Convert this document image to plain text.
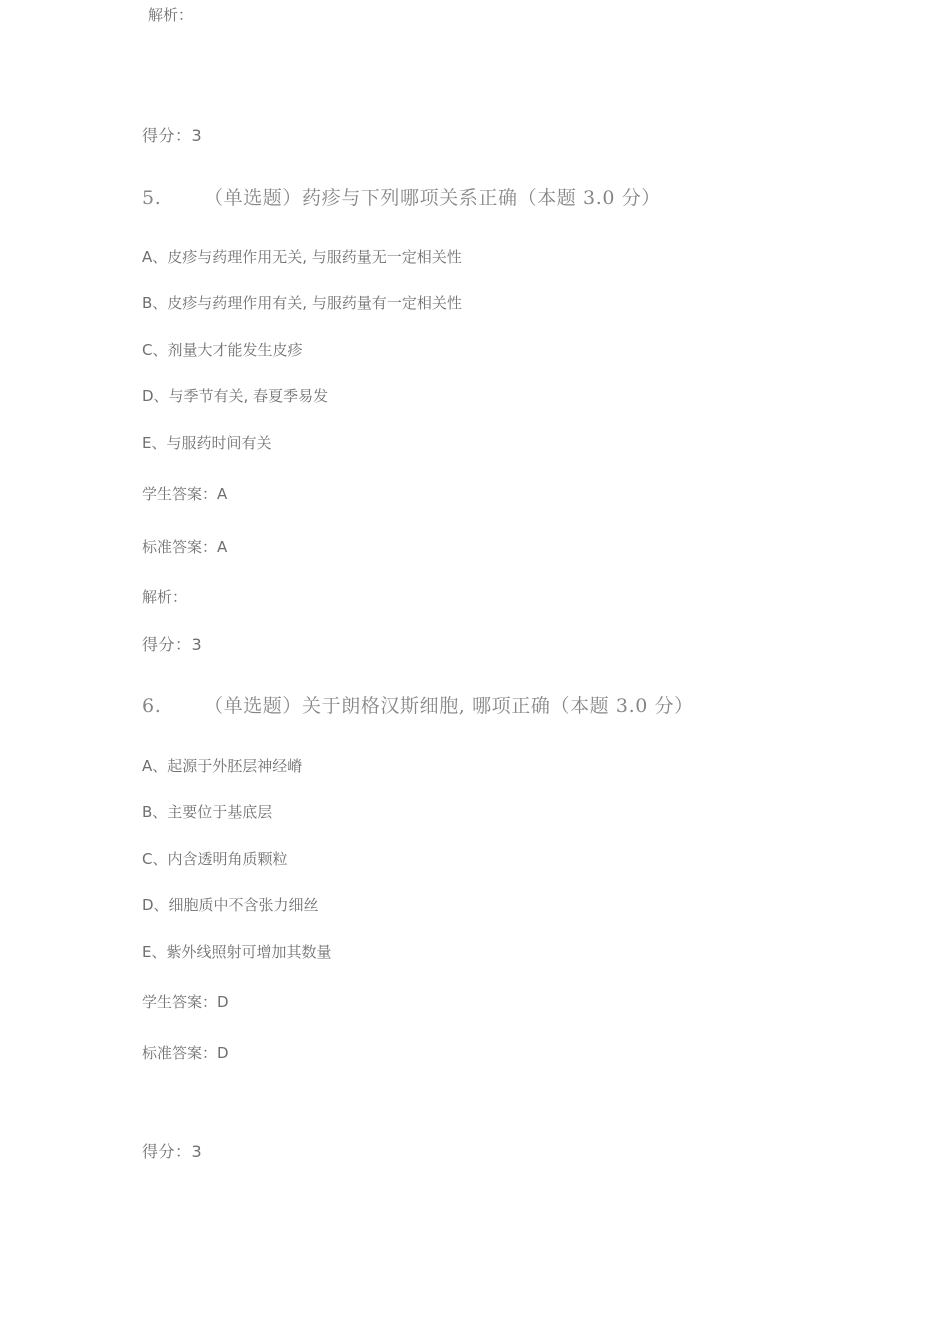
解析：
得分：3
5. （单选题）药疹与下列哪项关系正确（本题 3.0 分）
A、皮疹与药理作用无关, 与服药量无一定相关性
B、皮疹与药理作用有关, 与服药量有一定相关性
C、剂量大才能发生皮疹
D、与季节有关, 春夏季易发
E、与服药时间有关
学生答案：A
标准答案：A
解析：
得分：3
6. （单选题）关于朗格汉斯细胞, 哪项正确（本题 3.0 分）
A、起源于外胚层神经嵴
B、主要位于基底层
C、内含透明角质颗粒
D、细胞质中不含张力细丝
E、紫外线照射可增加其数量
学生答案：D
标准答案：D
得分：3
